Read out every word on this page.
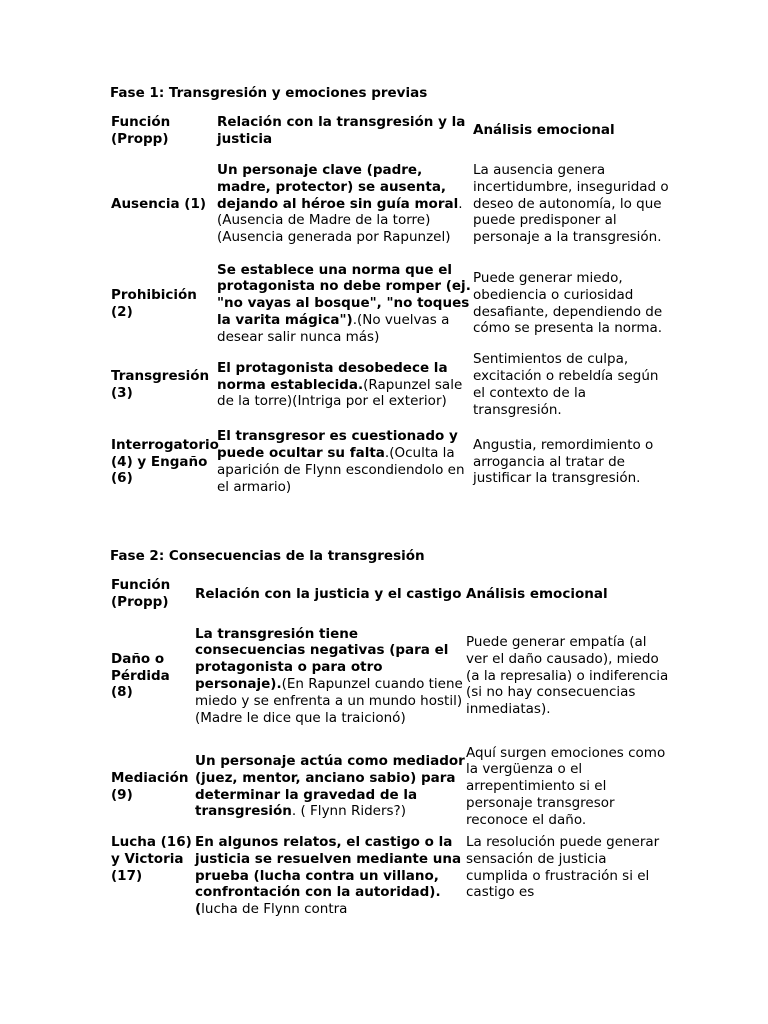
Fase 1: Transgresión y emociones previas
Función (Propp)	Relación con la transgresión y la justicia	Análisis emocional
Ausencia (1)	Un personaje clave (padre, madre, protector) se ausenta, dejando al héroe sin guía moral.(Ausencia de Madre de la torre)(Ausencia generada por Rapunzel)	La ausencia genera incertidumbre, inseguridad o deseo de autonomía, lo que puede predisponer al personaje a la transgresión.
Prohibición (2)	Se establece una norma que el protagonista no debe romper (ej. "no vayas al bosque", "no toques la varita mágica").(No vuelvas a desear salir nunca más)	Puede generar miedo, obediencia o curiosidad desafiante, dependiendo de cómo se presenta la norma.
Transgresión (3)	El protagonista desobedece la norma establecida.(Rapunzel sale de la torre)(Intriga por el exterior)	Sentimientos de culpa, excitación o rebeldía según el contexto de la transgresión.
Interrogatorio (4) y Engaño (6)	El transgresor es cuestionado y puede ocultar su falta.(Oculta la aparición de Flynn escondiendolo en el armario)	Angustia, remordimiento o arrogancia al tratar de justificar la transgresión.
Fase 2: Consecuencias de la transgresión
Función (Propp)	Relación con la justicia y el castigo	Análisis emocional
Daño o Pérdida (8)	La transgresión tiene consecuencias negativas (para el protagonista o para otro personaje).(En Rapunzel cuando tiene miedo y se enfrenta a un mundo hostil)(Madre le dice que la traicionó)	Puede generar empatía (al ver el daño causado), miedo (a la represalia) o indiferencia (si no hay consecuencias inmediatas).
Mediación (9)	Un personaje actúa como mediador (juez, mentor, anciano sabio) para determinar la gravedad de la transgresión. ( Flynn Riders?)	Aquí surgen emociones como la vergüenza o el arrepentimiento si el personaje transgresor reconoce el daño.
Lucha (16) y Victoria (17)	En algunos relatos, el castigo o la justicia se resuelven mediante una prueba (lucha contra un villano, confrontación con la autoridad).(lucha de Flynn contra	La resolución puede generar sensación de justicia cumplida o frustración si el castigo es
